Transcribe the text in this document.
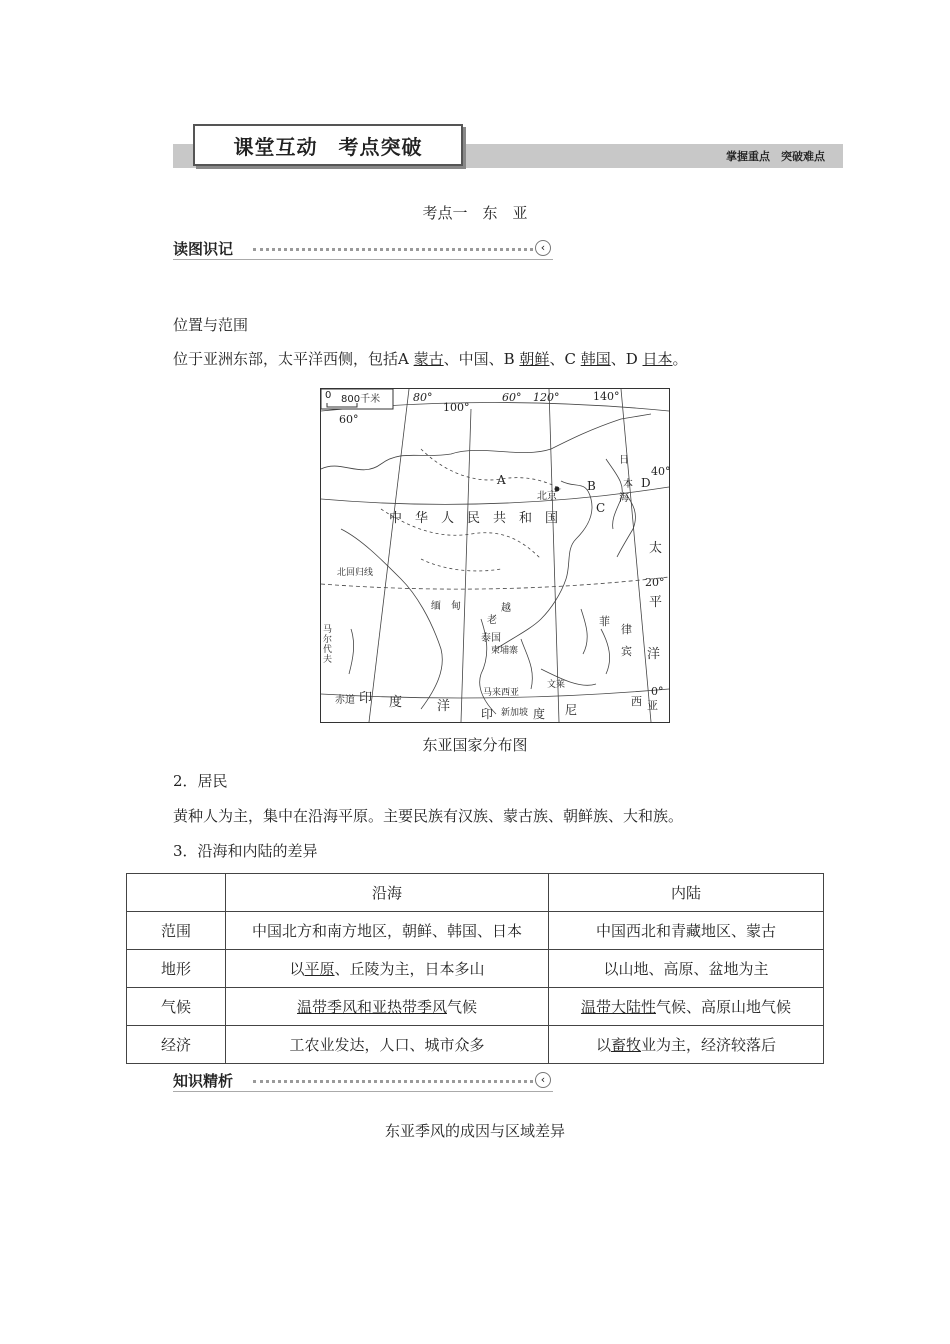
课堂互动　考点突破	掌握重点　突破难点
考点一　东　亚
读图识记	‹
位置与范围
位于亚洲东部，太平洋西侧，包括A 蒙古、中国、B 朝鲜、C 韩国、D 日本。
0 800千米	80°
100°
60° 120°	140°
60°
40°
20°
0°
A	B
C
D
北京
中　华　人　民　共　和　国
北回归线
赤道
缅　甸
老
越
泰国
柬埔寨
马来西亚
新加坡
文莱
菲
律
宾
马尔代夫
印 度	洋	印	度 尼
日
本
海
太
平
洋
西 亚
东亚国家分布图
2．居民
黄种人为主，集中在沿海平原。主要民族有汉族、蒙古族、朝鲜族、大和族。
3．沿海和内陆的差异
	沿海	内陆
范围	中国北方和南方地区，朝鲜、韩国、日本	中国西北和青藏地区、蒙古
地形	以平原、丘陵为主，日本多山	以山地、高原、盆地为主
气候	温带季风和亚热带季风气候	温带大陆性气候、高原山地气候
经济	工农业发达，人口、城市众多	以畜牧业为主，经济较落后
知识精析	‹
东亚季风的成因与区域差异
